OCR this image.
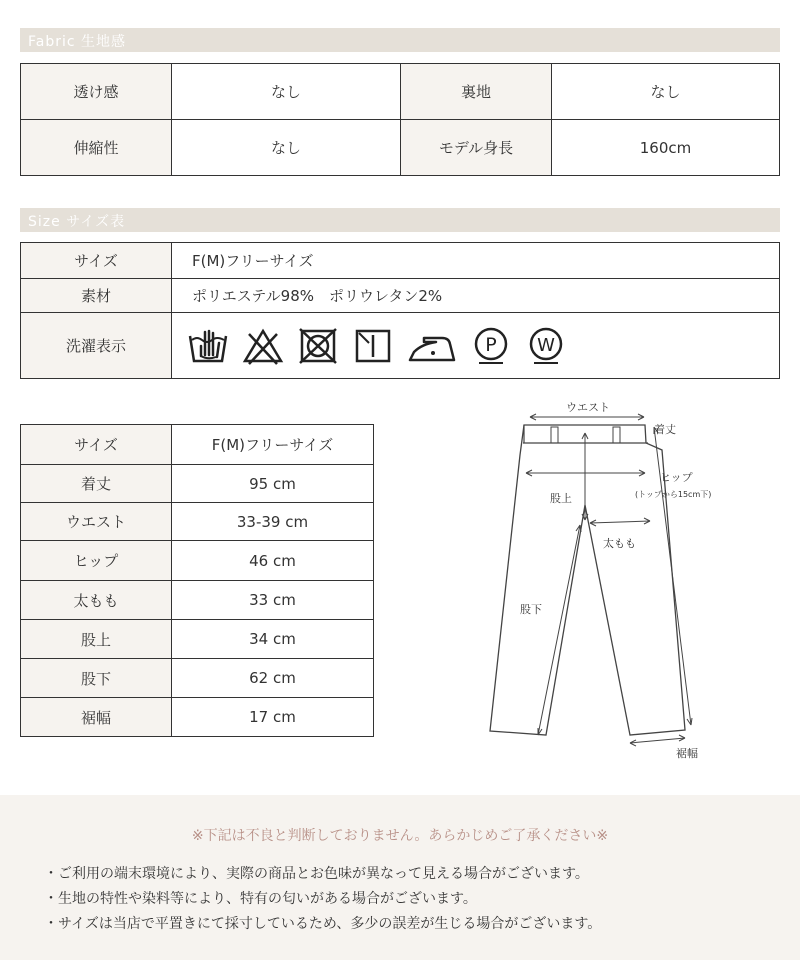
Fabric 生地感
透け感	なし	裏地	なし
伸縮性	なし	モデル身長	160cm
Size サイズ表
サイズ	F(M)フリーサイズ
素材	ポリエステル98%　ポリウレタン2%
洗濯表示	P W
サイズ	F(M)フリーサイズ
着丈	95 cm
ウエスト	33-39 cm
ヒップ	46 cm
太もも	33 cm
股上	34 cm
股下	62 cm
裾幅	17 cm
ウエスト
着丈
ヒップ
(トップから15cm下)
股上
太もも
股下
裾幅
※下記は不良と判断しておりません。あらかじめご了承ください※
・ご利用の端末環境により、実際の商品とお色味が異なって見える場合がございます。
・生地の特性や染料等により、特有の匂いがある場合がございます。
・サイズは当店で平置きにて採寸しているため、多少の誤差が生じる場合がございます。
